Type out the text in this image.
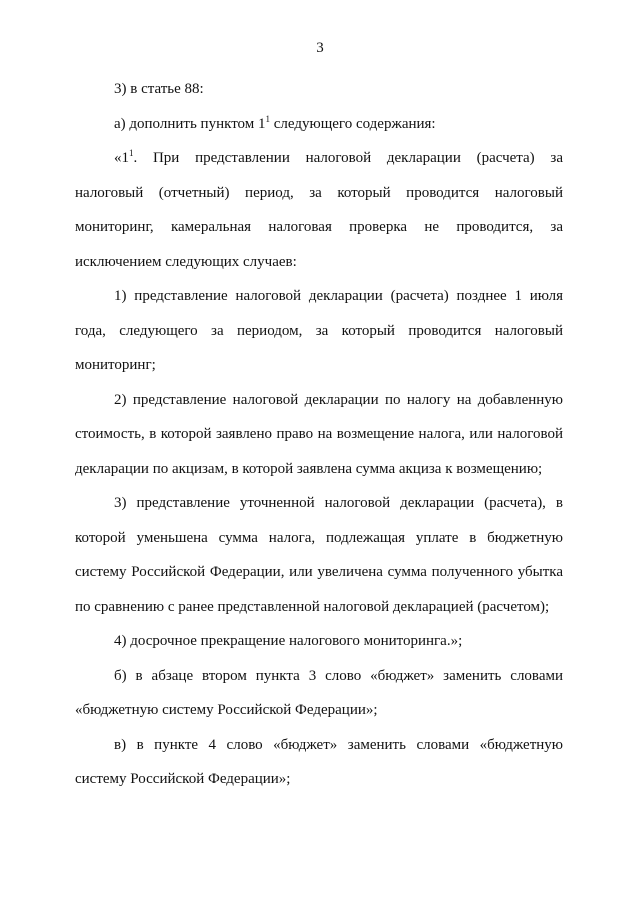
3

3) в статье 88:

а) дополнить пунктом $1^1$ следующего содержания:

«$1^1$. При представлении налоговой декларации (расчета) за налоговый (отчетный) период, за который проводится налоговый мониторинг, камеральная налоговая проверка не проводится, за исключением следующих случаев:

1) представление налоговой декларации (расчета) позднее 1 июля года, следующего за периодом, за который проводится налоговый мониторинг;

2) представление налоговой декларации по налогу на добавленную стоимость, в которой заявлено право на возмещение налога, или налоговой декларации по акцизам, в которой заявлена сумма акциза к возмещению;

3) представление уточненной налоговой декларации (расчета), в которой уменьшена сумма налога, подлежащая уплате в бюджетную систему Российской Федерации, или увеличена сумма полученного убытка по сравнению с ранее представленной налоговой декларацией (расчетом);

4) досрочное прекращение налогового мониторинга.»;

б) в абзаце втором пункта 3 слово «бюджет» заменить словами «бюджетную систему Российской Федерации»;

в) в пункте 4 слово «бюджет» заменить словами «бюджетную систему Российской Федерации»;
